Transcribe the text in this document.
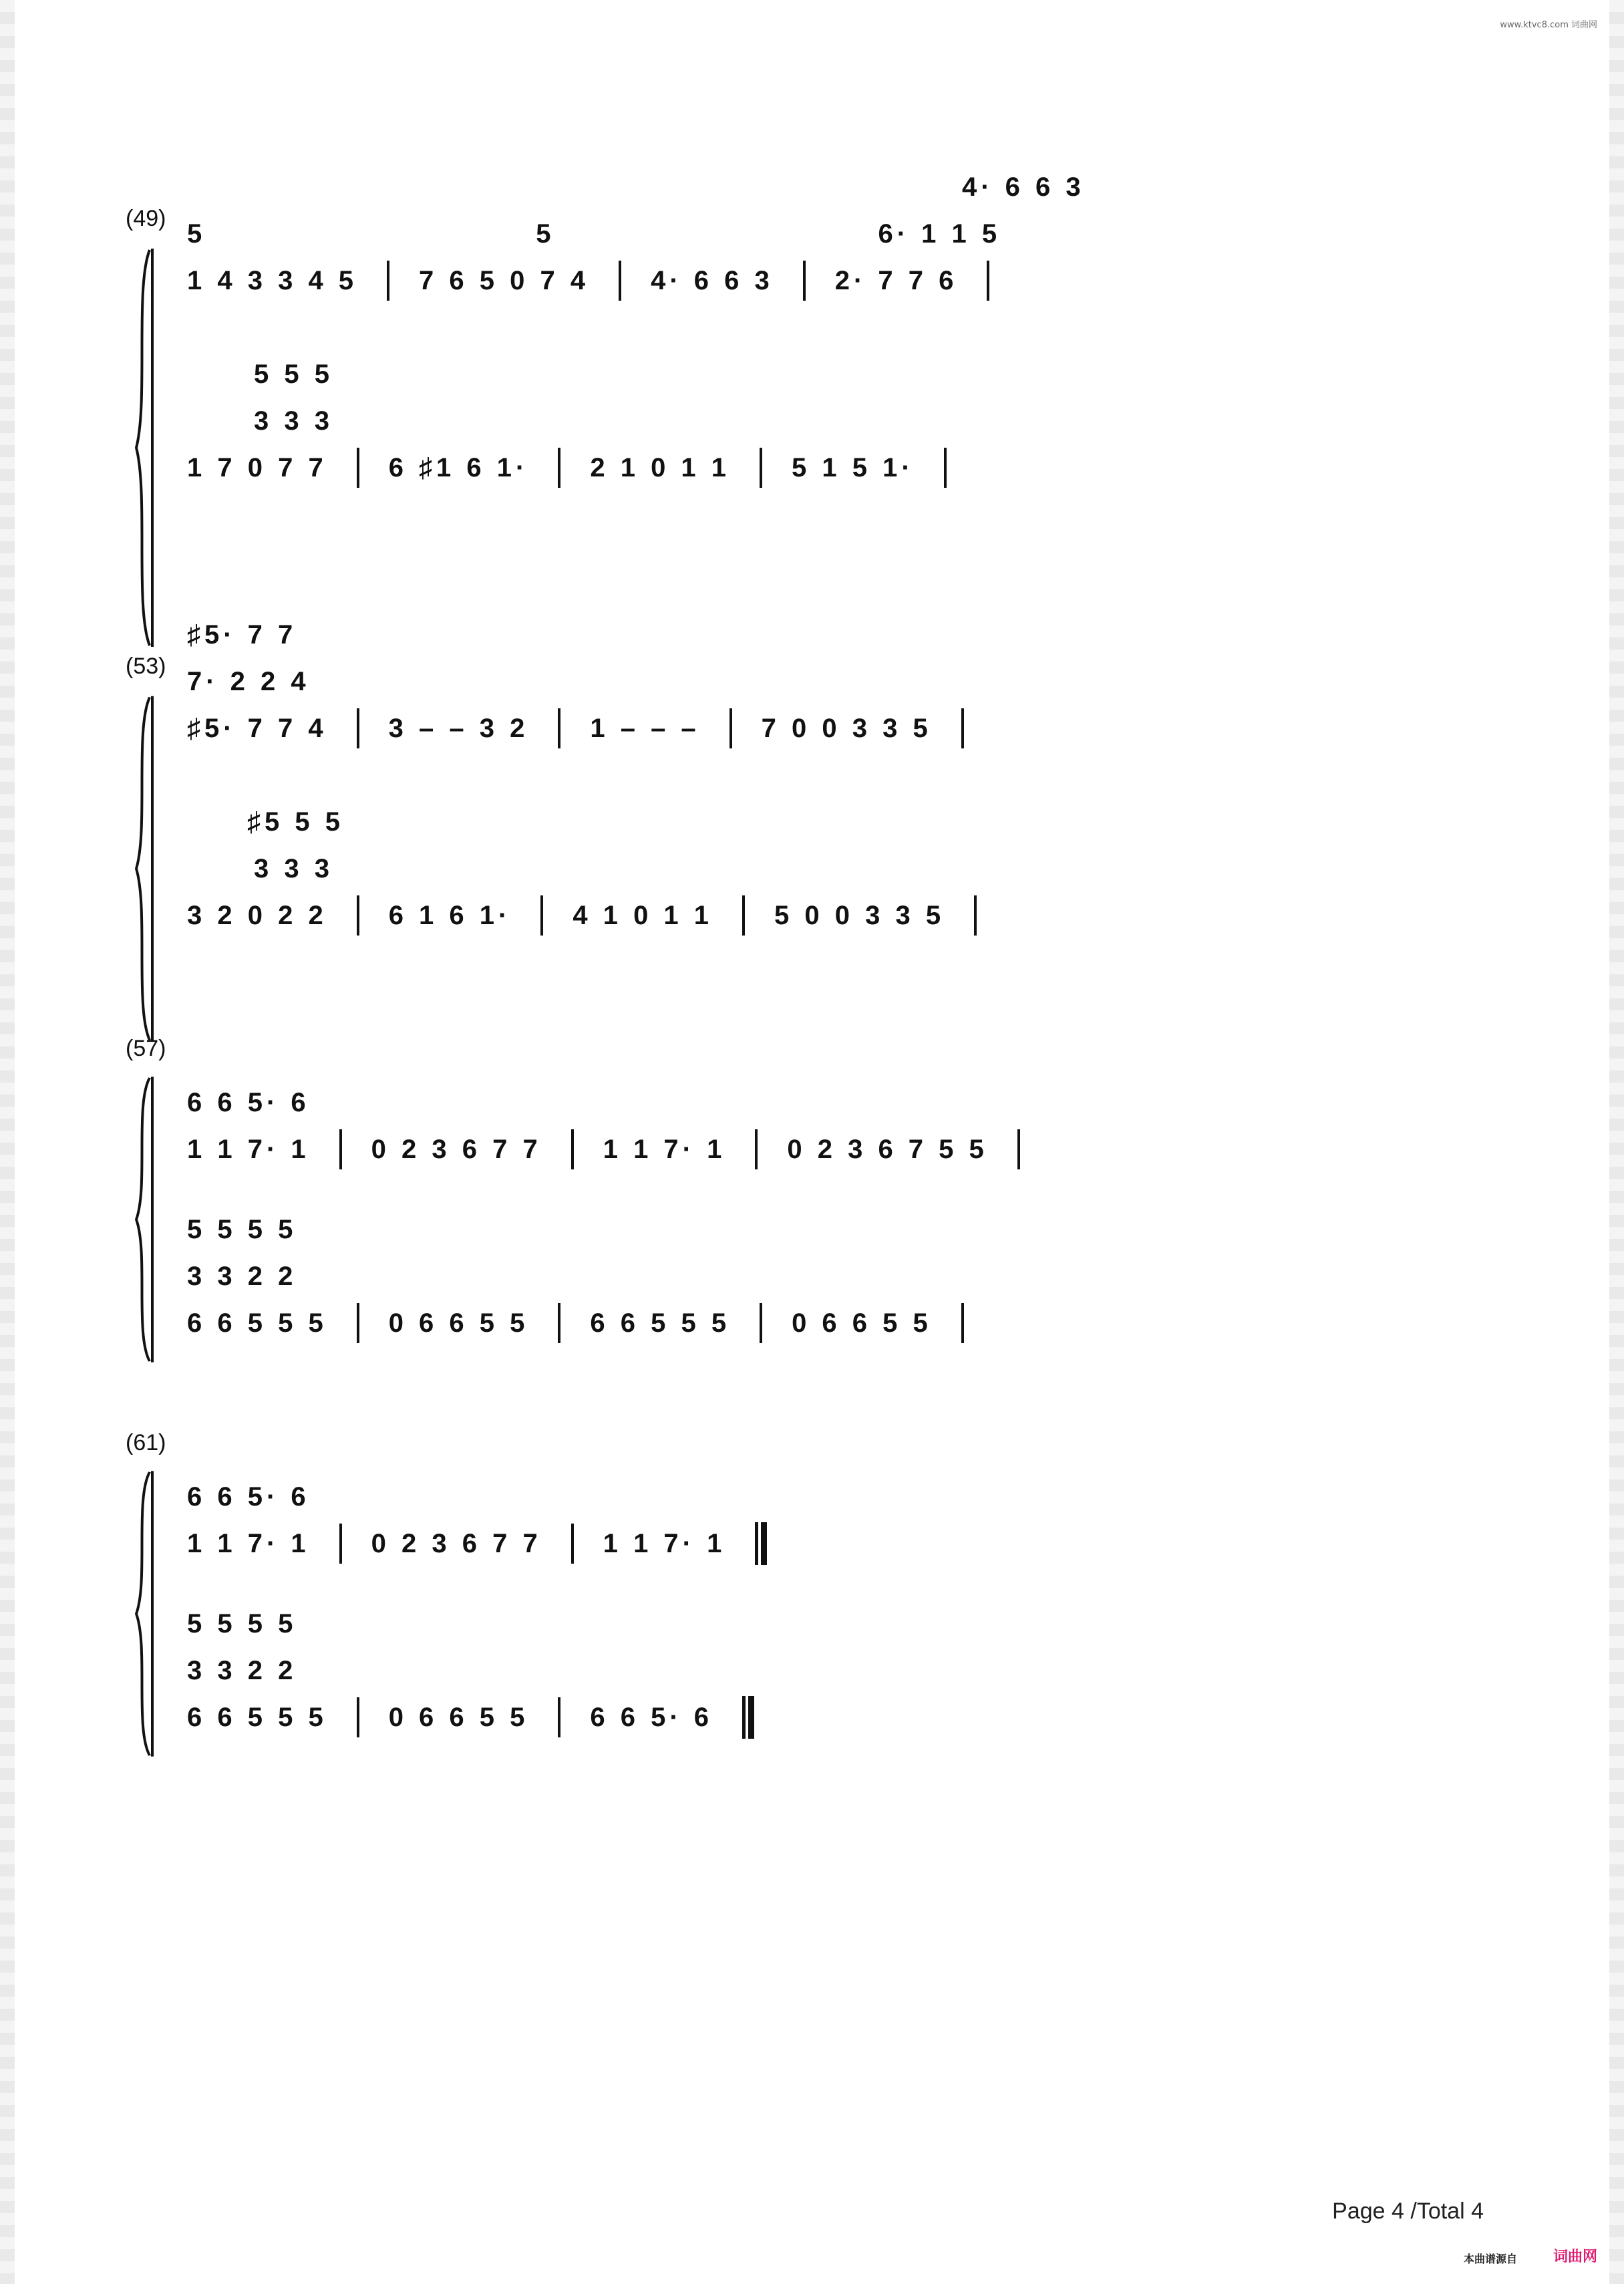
www.ktvc8.com 词曲网
(49)
4· 6 6 3
5	5	6· 1 1 5
1 4 3 3 4 5 7 6 5 0 7 4 4· 6 6 3 2· 7 7 6
5 5 5
3 3 3
1 7 0 7 7 6 ♯1 6 1· 2 1 0 1 1 5 1 5 1·
(53)
♯5· 7 7
7· 2 2 4
♯5· 7 7 4 3 – – 3 2 1 – – – 7 0 0 3 3 5
♯5 5 5
3 3 3
3 2 0 2 2 6 1 6 1· 4 1 0 1 1 5 0 0 3 3 5
(57)
6 6 5· 6
1 1 7· 1 0 2 3 6 7 7 1 1 7· 1 0 2 3 6 7 5 5
5 5 5 5
3 3 2 2
6 6 5 5 5 0 6 6 5 5 6 6 5 5 5 0 6 6 5 5
(61)
6 6 5· 6
1 1 7· 1 0 2 3 6 7 7 1 1 7· 1
5 5 5 5
3 3 2 2
6 6 5 5 5 0 6 6 5 5 6 6 5· 6
Page 4 /Total 4
本曲谱源自 词曲网
